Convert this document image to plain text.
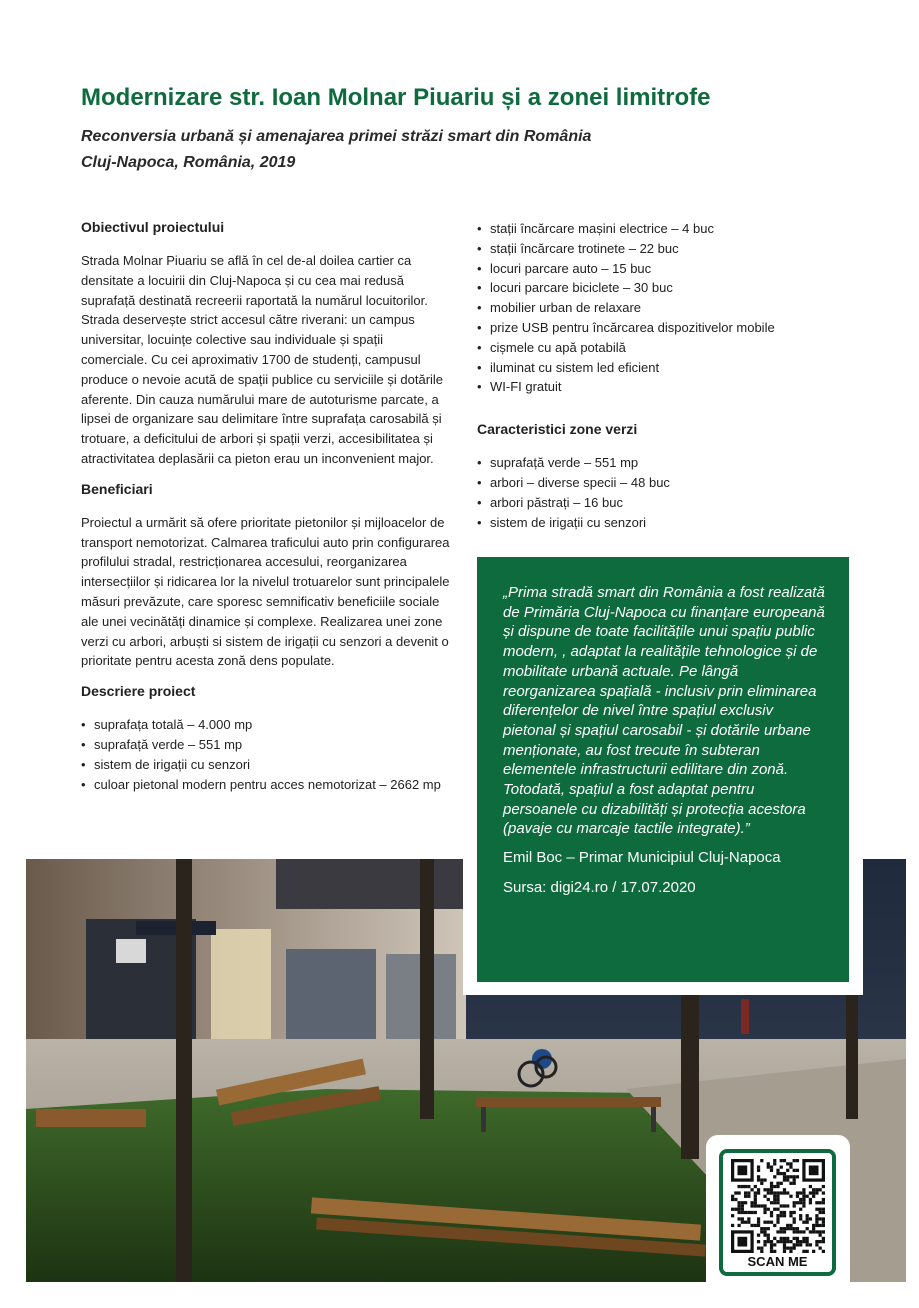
Modernizare str. Ioan Molnar Piuariu și a zonei limitrofe
Reconversia urbană și amenajarea primei străzi smart din România
Cluj-Napoca, România, 2019
Obiectivul proiectului

Strada Molnar Piuariu se află în cel de-al doilea cartier ca densitate a locuirii din Cluj-Napoca și cu cea mai redusă suprafață destinată recreerii raportată la numărul locuitorilor. Strada deservește strict accesul către riverani: un campus universitar, locuințe colective sau individuale și spații comerciale. Cu cei aproximativ 1700 de studenți, campusul produce o nevoie acută de spații publice cu serviciile și dotările aferente. Din cauza numărului mare de autoturisme parcate, a lipsei de organizare sau delimitare între suprafața carosabilă și trotuare, a deficitului de arbori și spații verzi, accesibilitatea și atractivitatea deplasării ca pieton erau un inconvenient major.

Beneficiari

Proiectul a urmărit să ofere prioritate pietonilor și mijloacelor de transport nemotorizat. Calmarea traficului auto prin configurarea profilului stradal, restricționarea accesului, reorganizarea intersecțiilor și ridicarea lor la nivelul trotuarelor sunt principalele măsuri prevăzute, care sporesc semnificativ beneficiile sociale ale unei vecinătăți dinamice și complexe. Realizarea unei zone verzi cu arbori, arbuști si sistem de irigații cu senzori a devenit o prioritate pentru acesta zonă dens populate.

Descriere proiect
• suprafața totală – 4.000 mp
• suprafață verde – 551 mp
• sistem de irigații cu senzori
• culoar pietonal modern pentru acces nemotorizat – 2662 mp
• stații încărcare mașini electrice – 4 buc
• stații încărcare trotinete – 22 buc
• locuri parcare auto – 15 buc
• locuri parcare biciclete – 30 buc
• mobilier urban de relaxare
• prize USB pentru încărcarea dispozitivelor mobile
• cișmele cu apă potabilă
• iluminat cu sistem led eficient
• WI-FI gratuit
Caracteristici zone verzi
• suprafață verde – 551 mp
• arbori – diverse specii – 48 buc
• arbori păstrați – 16 buc
• sistem de irigații cu senzori

„Prima stradă smart din România a fost realizată de Primăria Cluj-Napoca cu finanțare europeană și dispune de toate facilitățile unui spațiu public modern, , adaptat la realitățile tehnologice și de mobilitate urbană actuale. Pe lângă reorganizarea spațială - inclusiv prin eliminarea diferențelor de nivel între spațiul exclusiv pietonal și spațiul carosabil - și dotările urbane menționate, au fost trecute în subteran elementele infrastructurii edilitare din zonă. Totodată, spațiul a fost adaptat pentru persoanele cu dizabilități și protecția acestora (pavaje cu marcaje tactile integrate).”

Emil Boc – Primar Municipiul Cluj-Napoca
Sursa: digi24.ro / 17.07.2020
SCAN ME
